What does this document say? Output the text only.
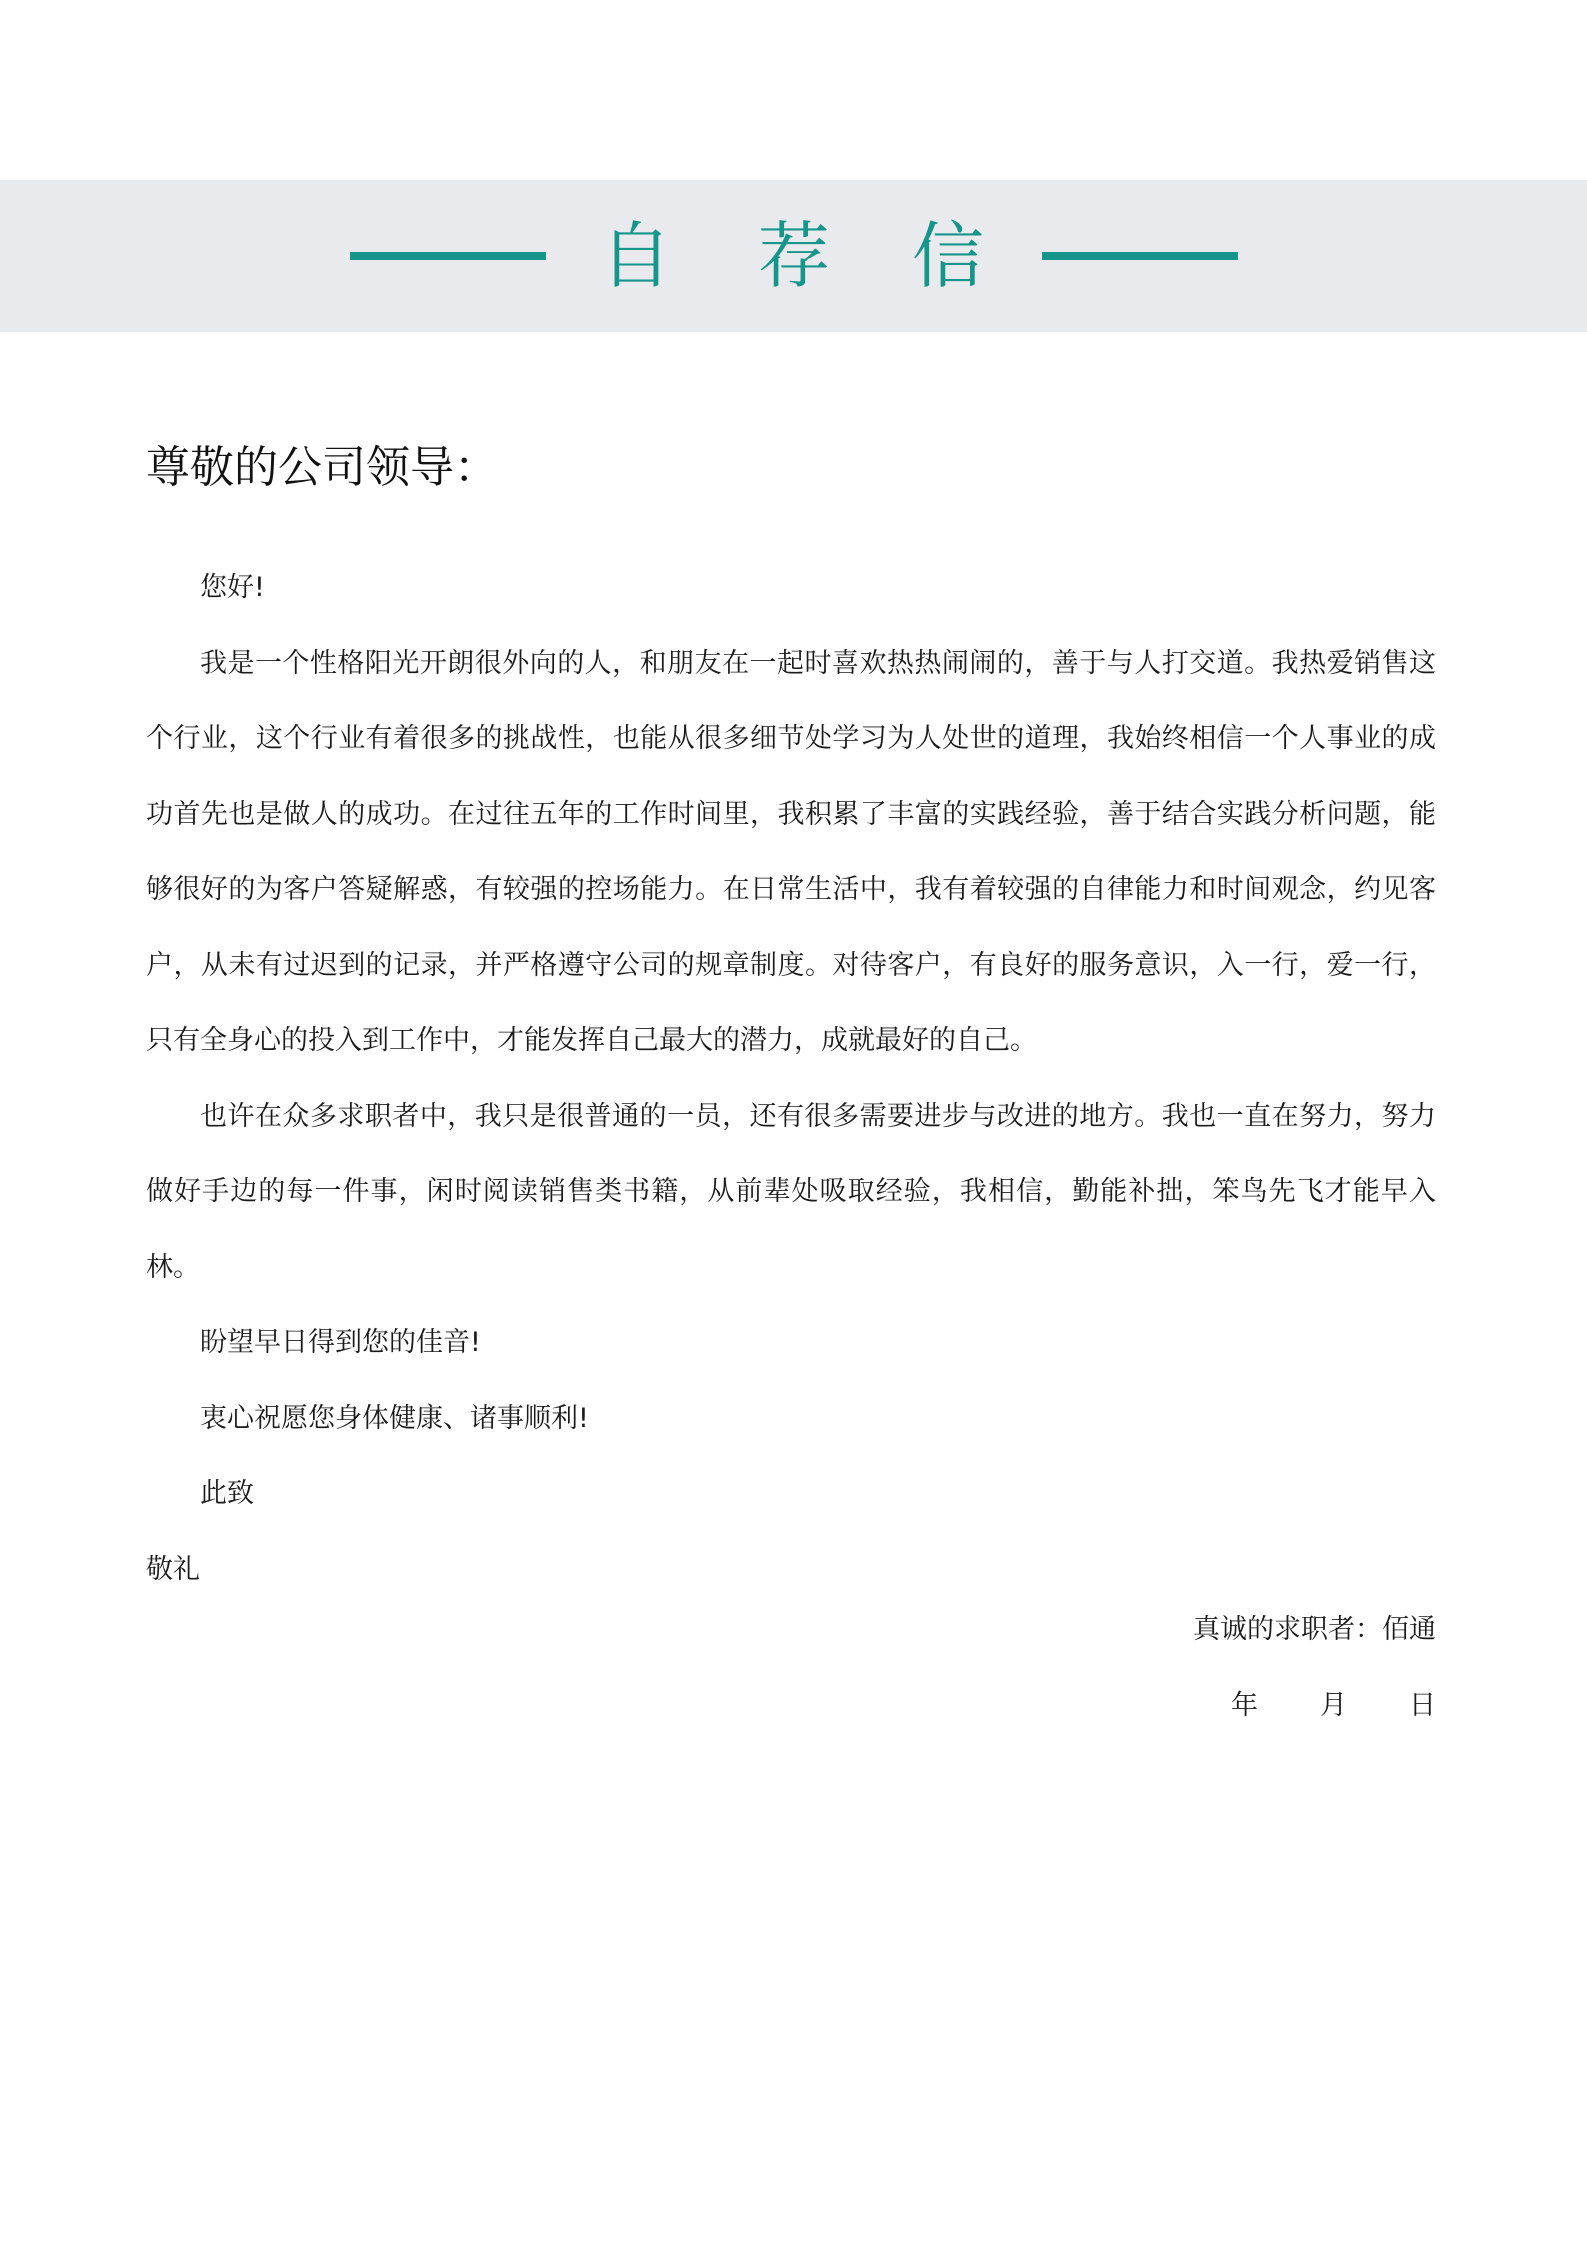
自 荐 信
尊敬的公司领导：

您好!

我是一个性格阳光开朗很外向的人，和朋友在一起时喜欢热热闹闹的，善于与人打交道。我热爱销售这个行业，这个行业有着很多的挑战性，也能从很多细节处学习为人处世的道理，我始终相信一个人事业的成功首先也是做人的成功。在过往五年的工作时间里，我积累了丰富的实践经验，善于结合实践分析问题，能够很好的为客户答疑解惑，有较强的控场能力。在日常生活中，我有着较强的自律能力和时间观念，约见客户，从未有过迟到的记录，并严格遵守公司的规章制度。对待客户，有良好的服务意识，入一行，爱一行，只有全身心的投入到工作中，才能发挥自己最大的潜力，成就最好的自己。

也许在众多求职者中，我只是很普通的一员，还有很多需要进步与改进的地方。我也一直在努力，努力做好手边的每一件事，闲时阅读销售类书籍，从前辈处吸取经验，我相信，勤能补拙，笨鸟先飞才能早入林。

盼望早日得到您的佳音!

衷心祝愿您身体健康、诸事顺利!

此致

敬礼

真诚的求职者：佰通
年 月 日
